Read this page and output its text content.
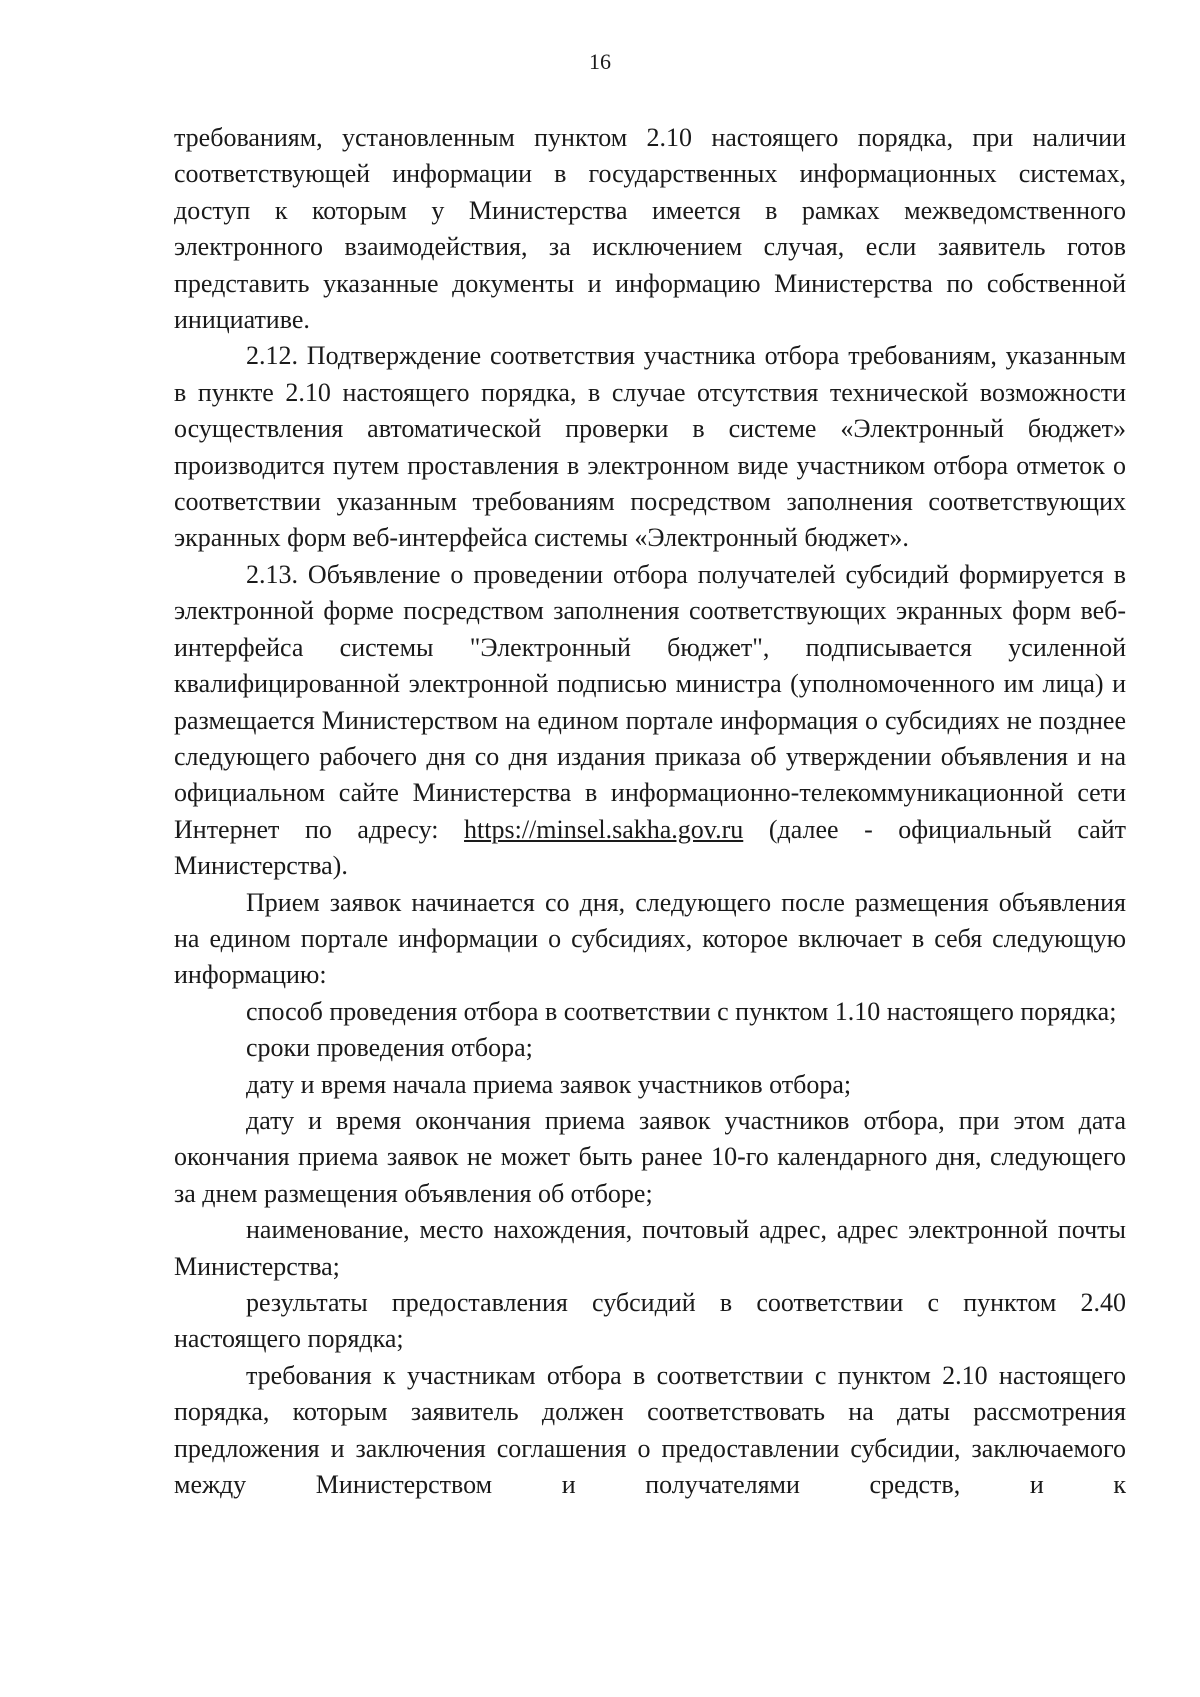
16

требованиям, установленным пунктом 2.10 настоящего порядка, при наличии соответствующей информации в государственных информационных системах, доступ к которым у Министерства имеется в рамках межведомственного электронного взаимодействия, за исключением случая, если заявитель готов представить указанные документы и информацию Министерства по собственной инициативе.

2.12. Подтверждение соответствия участника отбора требованиям, указанным в пункте 2.10 настоящего порядка, в случае отсутствия технической возможности осуществления автоматической проверки в системе «Электронный бюджет» производится путем проставления в электронном виде участником отбора отметок о соответствии указанным требованиям посредством заполнения соответствующих экранных форм веб-интерфейса системы «Электронный бюджет».

2.13. Объявление о проведении отбора получателей субсидий формируется в электронной форме посредством заполнения соответствующих экранных форм веб-интерфейса системы "Электронный бюджет", подписывается усиленной квалифицированной электронной подписью министра (уполномоченного им лица) и размещается Министерством на едином портале информация о субсидиях не позднее следующего рабочего дня со дня издания приказа об утверждении объявления и на официальном сайте Министерства в информационно-телекоммуникационной сети Интернет по адресу: https://minsel.sakha.gov.ru (далее - официальный сайт Министерства).

Прием заявок начинается со дня, следующего после размещения объявления на едином портале информации о субсидиях, которое включает в себя следующую информацию:

способ проведения отбора в соответствии с пунктом 1.10 настоящего порядка;

сроки проведения отбора;

дату и время начала приема заявок участников отбора;

дату и время окончания приема заявок участников отбора, при этом дата окончания приема заявок не может быть ранее 10-го календарного дня, следующего за днем размещения объявления об отборе;

наименование, место нахождения, почтовый адрес, адрес электронной почты Министерства;

результаты предоставления субсидий в соответствии с пунктом 2.40 настоящего порядка;

требования к участникам отбора в соответствии с пунктом 2.10 настоящего порядка, которым заявитель должен соответствовать на даты рассмотрения предложения и заключения соглашения о предоставлении субсидии, заключаемого между Министерством и получателями средств, и к
